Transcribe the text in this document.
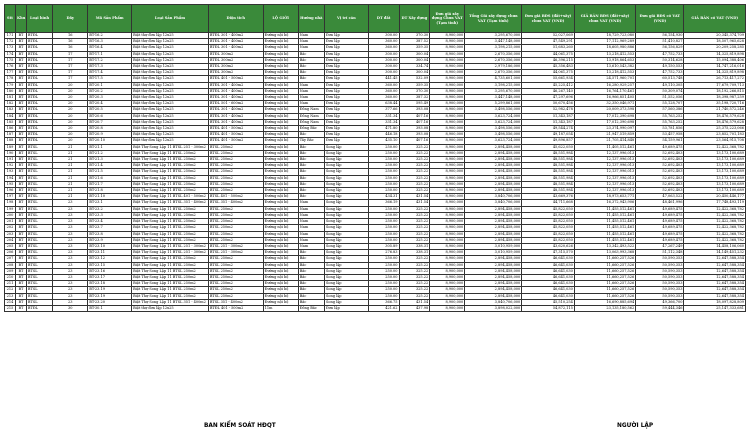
Stt	Khu	Loại hình	Dãy	Mã Sản Phẩm	Loại Sản Phẩm	Diện tích	LỘ GIỚI	Hướng nhà	Vị trí căn	DT đất	DT Xây dựng	Đơn giá xây dựng Chưa VAT (Tạm tính)	Tổng Giá xây dựng chưa VAT (Tạm tính)	Đơn giá BĐS (đất+xây) chưa VAT (VND)	GIÁ BÁN BĐS (đất+xây) chưa VAT (VND)	Đơn giá BĐS có VAT (VND)	GIÁ BÁN có VAT (VND)
171	BT	BTĐL	16	BT-16.2	Biệt thự đơn lập 12x25	BTĐL 301 - 400m2	Đường nội bộ	Nam	Đơn lập	300.00	370.30	8,900,000	3,295,670,000	52,027,069	18,729,723,080	56,154,930	20,345,374,709
172	BT	BTĐL	16	BT-16.3	Biệt thự đơn lập 12x25	BTĐL 301 - 400m2	Đường nội bộ	Nam	Đơn lập	360.00	387.52	8,900,000	3,447,148,000	47,549,291	17,112,969,289	51,410,827	18,507,965,628
173	BT	BTĐL	16	BT-16.4	Biệt thự đơn lập 12x25	BTĐL 301 - 400m2	Đường nội bộ	Nam	Đơn lập	360.00	359.35	8,900,000	3,198,215,000	51,683,260	18,605,980,886	56,156,829	20,209,258,285
174	BT	BTĐL	17	BT-17.1	Biệt thự đơn lập 12x25	BTĐL 300m2	Đường nội bộ	Bắc	Đơn lập	300.00	300.04	8,900,000	2,670,356,000	44,061,375	13,218,412,553	47,752,733	14,325,819,898
175	BT	BTĐL	17	BT-17.2	Biệt thự đơn lập 12x25	BTĐL 300m2	Đường nội bộ	Bắc	Đơn lập	300.00	300.04	8,900,000	2,670,356,000	46,396,215	13,918,864,653	50,314,628	15,094,388,406
176	BT	BTĐL	17	BT-17.3	Biệt thự đơn lập 12x25	BTĐL 300m2	Đường nội bộ	Bắc	Đơn lập	300.00	334.74	8,900,000	2,979,186,000	45,356,483	13,610,543,382	49,150,553	14,747,216,016
177	BT	BTĐL	17	BT-17.4	Biệt thự đơn lập 12x25	BTĐL 300m2	Đường nội bộ	Bắc	Đơn lập	300.00	300.04	8,900,000	2,670,356,000	44,061,375	13,218,412,553	47,752,733	14,325,819,898
178	BT	BTĐL	17	BT-17.5	Biệt thự đơn lập 12x25	BTĐL 401 - 500m2	Đường nội bộ	Bắc	Đơn lập	441.45	532.09	8,900,000	4,735,601,000	55,661,934	24,571,960,701	60,513,748	26,713,417,272
179	BT	BTĐL	20	BT-20.1	Biệt thự đơn lập 12x25	BTĐL 301 - 400m2	Đường nội bộ	Nam	Đơn lập	360.00	359.35	8,900,000	3,198,215,000	45,225,412	16,280,929,257	49,110,305	17,679,709,713
180	BT	BTĐL	20	BT-20.2	Biệt thự đơn lập 12x25	BTĐL 301 - 400m2	Đường nội bộ	Nam	Đơn lập	360.00	370.30	8,900,000	3,295,670,000	46,267,140	16,764,170,461	50,309,074	18,192,266,815
181	BT	BTĐL	20	BT-20.3	Biệt thự đơn lập 12x25	BTĐL 301 - 400m2	Đường nội bộ	Nam	Đơn lập	360.00	387.32	8,900,000	3,447,148,000	47,297,696	16,966,851,405	51,552,056	18,398,987,259
182	BT	BTĐL	20	BT-20.4	Biệt thự đơn lập 12x25	BTĐL 501 - 600m2	Đường nội bộ	Nam	Đơn lập	638.44	595.49	8,900,000	5,299,861,000	50,670,456	32,350,046,971	55,128,707	35,198,720,716
183	BT	BTĐL	20	BT-20.5	Biệt thự đơn lập 12x25	BTĐL 301 - 400m2	Đường nội bộ	Đông Nam	Đơn lập	377.66	393.08	8,900,000	3,498,556,000	52,982,478	20,009,373,598	57,560,386	21,740,572,246
184	BT	BTĐL	20	BT-20.6	Biệt thự đơn lập 12x25	BTĐL 301 - 400m2	Đường nội bộ	Đông Nam	Đơn lập	331.34	407.16	8,900,000	3,623,724,000	51,343,187	17,012,390,698	55,763,252	18,476,579,628
185	BT	BTĐL	20	BT-20.7	Biệt thự đơn lập 12x25	BTĐL 301 - 400m2	Đường nội bộ	Đông Nam	Đơn lập	331.34	407.16	8,900,000	3,623,724,000	51,343,187	17,012,390,698	55,763,252	18,476,579,628
186	BT	BTĐL	20	BT-20.8	Biệt thự đơn lập 12x25	BTĐL 401 - 500m2	Đường nội bộ	Đông Bắc	Đơn lập	471.80	393.08	8,900,000	3,498,556,000	49,544,274	23,374,990,097	53,781,856	25,375,223,066
187	BT	BTĐL	20	BT-20.9	Biệt thự đơn lập 12x25	BTĐL 401 - 500m2	Đường nội bộ	Bắc	Đơn lập	446.18	393.08	8,900,000	3,498,556,000	49,187,054	21,947,519,859	53,457,958	23,852,701,183
188	BT	BTĐL	20	BT-20.10	Biệt thự đơn lập 12x25	BTĐL 401 - 500m2	Đường nội bộ	Tây Bắc	Đơn lập	435.10	407.16	8,900,000	3,623,724,000	49,896,857	21,705,414,848	54,159,961	23,564,915,708
189	BT	BTSL	21	BT-21.1	Biệt Thự Song Lập 11 BTSL 251 - 300m2	BTSL 250m2	Đường nội bộ	Bắc	Song lập	250.00	325.22	8,900,000	2,894,458,000	45,622,050	11,405,512,461	49,689,475	12,422,368,782
190	BT	BTSL	21	BT-21.2	Biệt Thự Song Lập 11 BTSL 250m2	BTSL 250m2	Đường nội bộ	Bắc	Song lập	250.00	325.22	8,900,000	2,894,458,000	48,551,984	12,137,996,013	52,692,403	13,173,100,689
191	BT	BTSL	21	BT-21.3	Biệt Thự Song Lập 11 BTSL 250m2	BTSL 250m2	Đường nội bộ	Bắc	Song lập	250.00	325.22	8,900,000	2,894,458,000	48,551,984	12,137,996,013	52,692,403	13,173,100,689
192	BT	BTSL	21	BT-21.4	Biệt Thự Song Lập 11 BTSL 250m2	BTSL 250m2	Đường nội bộ	Bắc	Song lập	250.00	325.22	8,900,000	2,894,458,000	48,551,984	12,137,996,013	52,692,403	13,173,100,689
193	BT	BTSL	21	BT-21.5	Biệt Thự Song Lập 11 BTSL 250m2	BTSL 250m2	Đường nội bộ	Bắc	Song lập	250.00	325.22	8,900,000	2,894,458,000	48,551,984	12,137,996,013	52,692,403	13,173,100,689
194	BT	BTSL	21	BT-21.6	Biệt Thự Song Lập 11 BTSL 250m2	BTSL 250m2	Đường nội bộ	Bắc	Song lập	250.00	325.22	8,900,000	2,894,458,000	48,551,984	12,137,996,013	52,692,403	13,173,100,689
195	BT	BTSL	21	BT-21.7	Biệt Thự Song Lập 11 BTSL 250m2	BTSL 250m2	Đường nội bộ	Bắc	Song lập	250.00	325.22	8,900,000	2,894,458,000	48,551,984	12,137,996,013	52,692,403	13,173,100,689
196	BT	BTSL	21	BT-21.8	Biệt Thự Song Lập 11 BTSL 250m2	BTSL 250m2	Đường nội bộ	Bắc	Song lập	250.00	325.22	8,900,000	2,894,458,000	48,551,984	12,137,996,013	52,692,403	13,173,100,689
197	BT	BTSL	21	BT-21.10	Biệt Thự Song Lập 11 BTSL 401 - 500m2	BTSL 401 - 500m2	Đường nội bộ	Bắc	Song lập	434.31	431.54	8,900,000	3,840,706,000	43,669,376	18,973,653,771	47,063,522	20,450,446,177
198	BT	BTSL	23	BT-23.1	Biệt Thự Song Lập 11 BTSL 351 - 400m2	BTSL 351 - 400m2	Đường nội bộ	Nam	Song lập	366.19	431.54	8,900,000	3,840,706,000	44,711,668	16,372,943,906	48,461,996	17,748,493,119
199	BT	BTSL	23	BT-23.2	Biệt Thự Song Lập 11 BTSL 250m2	BTSL 250m2	Đường nội bộ	Nam	Song lập	250.00	325.22	8,900,000	2,894,458,000	45,822,050	11,455,512,461	49,689,475	12,422,368,782
200	BT	BTSL	23	BT-23.3	Biệt Thự Song Lập 11 BTSL 250m2	BTSL 250m2	Đường nội bộ	Nam	Song lập	250.00	325.22	8,900,000	2,894,458,000	45,822,050	11,455,512,461	49,689,475	12,422,368,782
201	BT	BTSL	23	BT-23.4	Biệt Thự Song Lập 11 BTSL 250m2	BTSL 250m2	Đường nội bộ	Nam	Song lập	250.00	325.22	8,900,000	2,894,458,000	45,822,050	11,455,512,461	49,689,475	12,422,368,782
202	BT	BTSL	23	BT-23.7	Biệt Thự Song Lập 11 BTSL 250m2	BTSL 250m2	Đường nội bộ	Nam	Song lập	250.00	325.22	8,900,000	2,894,458,000	45,822,050	11,455,512,461	49,689,475	12,422,368,782
203	BT	BTSL	23	BT-23.8	Biệt Thự Song Lập 11 BTSL 250m2	BTSL 250m2	Đường nội bộ	Nam	Song lập	250.00	325.22	8,900,000	2,894,458,000	45,822,050	11,455,512,461	49,689,475	12,422,368,782
204	BT	BTSL	23	BT-23.9	Biệt Thự Song Lập 11 BTSL 250m2	BTSL 250m2	Đường nội bộ	Nam	Song lập	250.00	325.22	8,900,000	2,894,458,000	45,822,050	11,455,512,461	49,689,475	12,422,368,782
205	BT	BTSL	23	BT-23.10	Biệt Thự Song Lập 11 BTSL 251 - 300m2	BTSL 251 - 300m2	Đường nội bộ	Nam	Song lập	305.89	338.31	8,900,000	3,010,959,000	43,620,626	13,342,493,522	47,267,249	14,458,106,060
206	BT	BTSL	23	BT-23.11	Biệt Thự Song Lập 11 BTSL 251 - 300m2	BTSL 251 - 300m2	Đường nội bộ	Bắc	Song lập	276.83	338.31	8,900,000	3,010,959,000	47,315,570	13,063,993,368	51,112,348	14,149,451,232
207	BT	BTSL	23	BT-23.12	Biệt Thự Song Lập 11 BTSL 250m2	BTSL 250m2	Đường nội bộ	Bắc	Song lập	250.00	325.22	8,900,000	2,894,458,000	46,641,030	11,660,257,526	50,590,353	12,647,588,354
208	BT	BTSL	23	BT-23.15	Biệt Thự Song Lập 11 BTSL 250m2	BTSL 250m2	Đường nội bộ	Bắc	Song lập	250.00	325.22	8,900,000	2,894,458,000	46,641,030	11,660,257,526	50,590,353	12,647,588,354
209	BT	BTSL	23	BT-23.16	Biệt Thự Song Lập 11 BTSL 250m2	BTSL 250m2	Đường nội bộ	Bắc	Song lập	250.00	325.22	8,900,000	2,894,458,000	46,641,030	11,660,257,526	50,590,353	12,647,588,354
210	BT	BTSL	23	BT-23.17	Biệt Thự Song Lập 11 BTSL 250m2	BTSL 250m2	Đường nội bộ	Bắc	Song lập	250.00	325.22	8,900,000	2,894,458,000	46,641,030	11,660,257,526	50,590,353	12,647,588,354
211	BT	BTSL	23	BT-23.18	Biệt Thự Song Lập 11 BTSL 250m2	BTSL 250m2	Đường nội bộ	Bắc	Song lập	250.00	325.22	8,900,000	2,894,458,000	46,641,030	11,660,257,526	50,590,353	12,647,588,354
212	BT	BTSL	23	BT-23.19	Biệt Thự Song Lập 11 BTSL 250m2	BTSL 250m2	Đường nội bộ	Bắc	Song lập	250.00	325.22	8,900,000	2,894,458,000	46,641,030	11,660,257,526	50,590,353	12,647,588,354
213	BT	BTSL	23	BT-23.19	Biệt Thự Song Lập 11 BTSL 250m2	BTSL 250m2	Đường nội bộ	Bắc	Song lập	250.00	325.22	8,900,000	2,894,458,000	46,641,030	11,660,257,526	50,590,353	12,647,588,354
214	BT	BTSL	23	BT-23.20	Biệt Thự Song Lập 11 BTSL 351 - 400m2	BTSL 351 - 400m2	Đường nội bộ	Bắc	Song lập	366.75	431.54	8,900,000	3,840,706,000	45,510,254	16,690,885,694	49,366,700	18,097,828,809
215	BT	BTĐL	30	BT-30.1	Biệt thự đơn lập 12x25	BTĐL 401 - 500m2	11m	Đông Bắc	Đơn lập	421.62	437.98	8,900,000	3,898,022,000	54,872,115	23,135,180,562	59,444,346	25,147,333,681
BAN KIỂM SOÁT HĐQT	NGƯỜI LẬP
